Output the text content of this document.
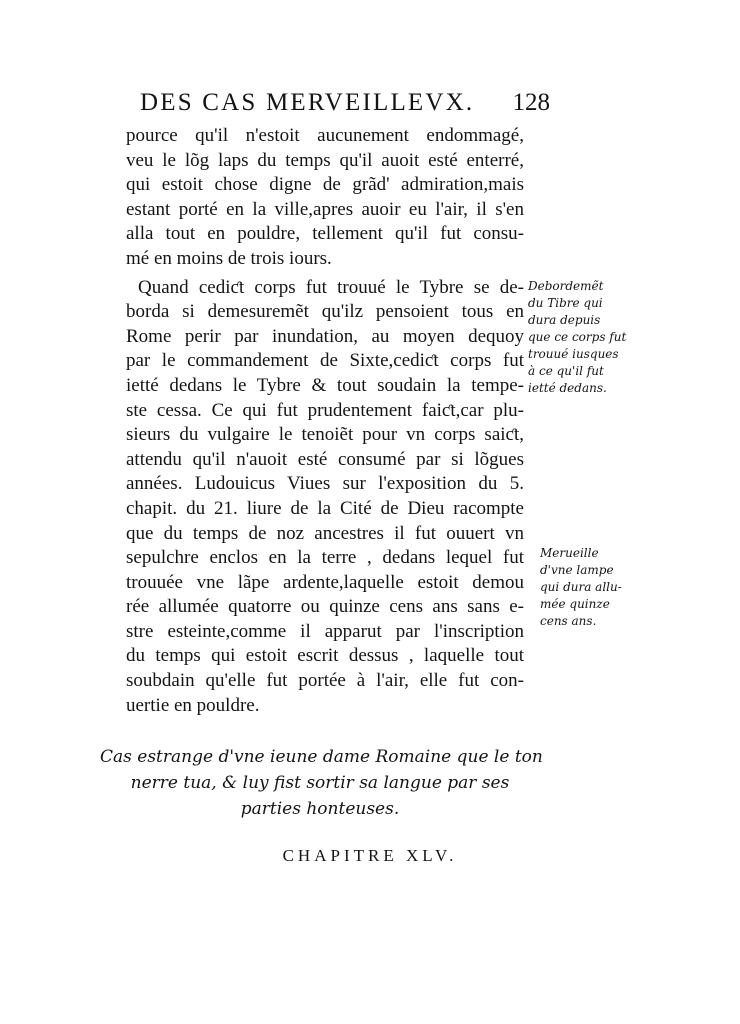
DES CAS MERVEILLEVX. 128
pource qu'il n'estoit aucunement endommagé,
veu le lõg laps du temps qu'il auoit esté enterré,
qui estoit chose digne de grãd' admiration,mais
estant porté en la ville,apres auoir eu l'air, il s'en
alla tout en pouldre, tellement qu'il fut consu-
mé en moins de trois iours.
Quand cediƈt corps fut trouué le Tybre se de-
borda si demesuremẽt qu'ilz pensoient tous en
Rome perir par inundation, au moyen dequoy
par le commandement de Sixte,cediƈt corps fut
ietté dedans le Tybre & tout soudain la tempe-
ste cessa. Ce qui fut prudentement faiƈt,car plu-
sieurs du vulgaire le tenoiẽt pour vn corps saiƈt,
attendu qu'il n'auoit esté consumé par si lõgues
années. Ludouicus Viues sur l'exposition du 5.
chapit. du 21. liure de la Cité de Dieu racompte
que du temps de noz ancestres il fut ouuert vn
sepulchre enclos en la terre , dedans lequel fut
trouuée vne lãpe ardente,laquelle estoit demou
rée allumée quatorre ou quinze cens ans sans e-
stre esteinte,comme il apparut par l'inscription
du temps qui estoit escrit dessus , laquelle tout
soubdain qu'elle fut portée à l'air, elle fut con-
uertie en pouldre.
Debordemẽt
du Tibre qui
dura depuis
que ce corps fut
trouué iusques
à ce qu'il fut
ietté dedans.
Merueille
d'vne lampe
qui dura allu-
mée quinze
cens ans.
Cas estrange d'vne ieune dame Romaine que le ton
nerre tua, & luy fist sortir sa langue par ses
parties honteuses.
CHAPITRE XLV.
